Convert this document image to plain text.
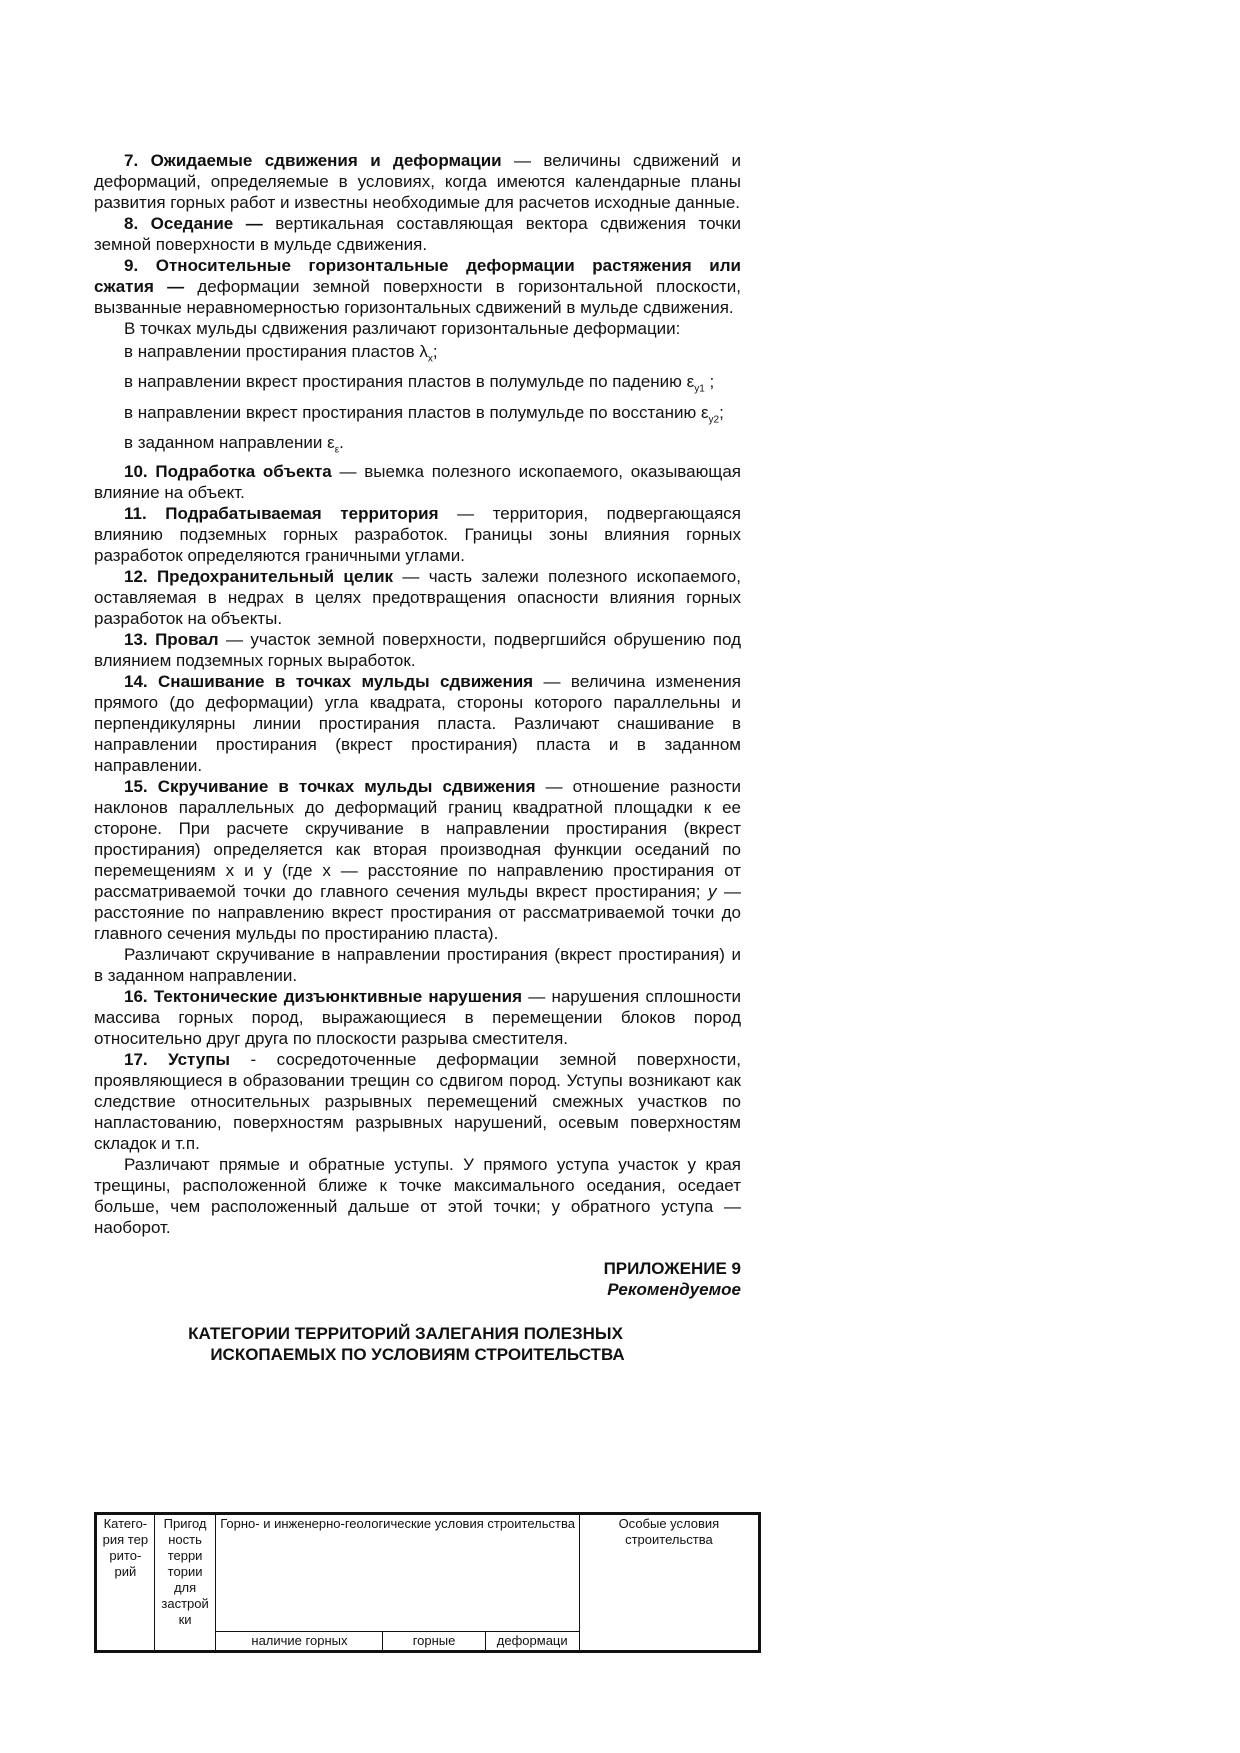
7. Ожидаемые сдвижения и деформации — величины сдвижений и деформаций, определяемые в условиях, когда имеются календарные планы развития горных работ и известны необходимые для расчетов исходные данные.

8. Оседание — вертикальная составляющая вектора сдвижения точки земной поверхности в мульде сдвижения.

9. Относительные горизонтальные деформации растяжения или сжатия — деформации земной поверхности в горизонтальной плоскости, вызванные неравномерностью горизонтальных сдвижений в мульде сдвижения.

В точках мульды сдвижения различают горизонтальные деформации:

в направлении простирания пластов $\lambda_x$;

в направлении вкрест простирания пластов в полумульде по падению $\varepsilon_{y1}$ ;

в направлении вкрест простирания пластов в полумульде по восстанию $\varepsilon_{y2}$;

в заданном направлении $\varepsilon_\varepsilon$.

10. Подработка объекта — выемка полезного ископаемого, оказывающая влияние на объект.

11. Подрабатываемая территория — территория, подвергающаяся влиянию подземных горных разработок. Границы зоны влияния горных разработок определяются граничными углами.

12. Предохранительный целик — часть залежи полезного ископаемого, оставляемая в недрах в целях предотвращения опасности влияния горных разработок на объекты.

13. Провал — участок земной поверхности, подвергшийся обрушению под влиянием подземных горных выработок.

14. Снашивание в точках мульды сдвижения — величина изменения прямого (до деформации) угла квадрата, стороны которого параллельны и перпендикулярны линии простирания пласта. Различают снашивание в направлении простирания (вкрест простирания) пласта и в заданном направлении.

15. Скручивание в точках мульды сдвижения — отношение разности наклонов параллельных до деформаций границ квадратной площадки к ее стороне. При расчете скручивание в направлении простирания (вкрест простирания) определяется как вторая производная функции оседаний по перемещениям x и y (где x — расстояние по направлению простирания от рассматриваемой точки до главного сечения мульды вкрест простирания; y — расстояние по направлению вкрест простирания от рассматриваемой точки до главного сечения мульды по простиранию пласта).

Различают скручивание в направлении простирания (вкрест простирания) и в заданном направлении.

16. Тектонические дизъюнктивные нарушения — нарушения сплошности массива горных пород, выражающиеся в перемещении блоков пород относительно друг друга по плоскости разрыва сместителя.

17. Уступы - сосредоточенные деформации земной поверхности, проявляющиеся в образовании трещин со сдвигом пород. Уступы возникают как следствие относительных разрывных перемещений смежных участков по напластованию, поверхностям разрывных нарушений, осевым поверхностям складок и т.п.

Различают прямые и обратные уступы. У прямого уступа участок у края трещины, расположенной ближе к точке максимального оседания, оседает больше, чем расположенный дальше от этой точки; у обратного уступа — наоборот.

ПРИЛОЖЕНИЕ 9
Рекомендуемое
КАТЕГОРИИ ТЕРРИТОРИЙ ЗАЛЕГАНИЯ ПОЛЕЗНЫХ
ИСКОПАЕМЫХ ПО УСЛОВИЯМ СТРОИТЕЛЬСТВА
Катего-рия тер рито-рий	Пригод ность терри тории для застрой ки	Горно- и инженерно-геологические условия строительства			Особые условия строительства
		наличие горных	горные	деформаци	
